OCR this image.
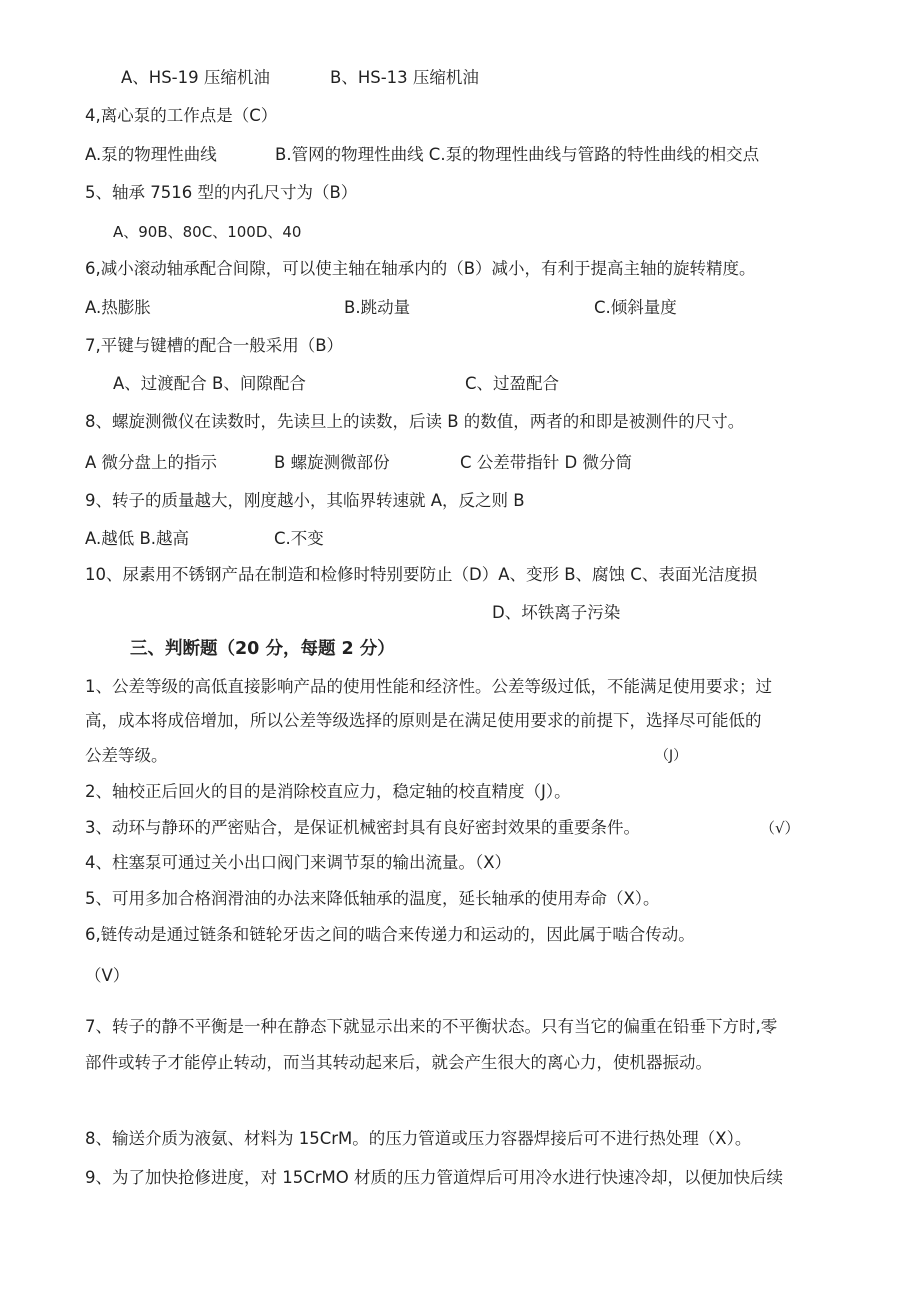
A、HS-19 压缩机油	B、HS-13 压缩机油
4,离心泵的工作点是（C）
A.泵的物理性曲线	B.管网的物理性曲线 C.泵的物理性曲线与管路的特性曲线的相交点
5、轴承 7516 型的内孔尺寸为（B）
A、90B、80C、100D、40
6,减小滚动轴承配合间隙，可以使主轴在轴承内的（B）减小，有利于提高主轴的旋转精度。
A.热膨胀	B.跳动量	C.倾斜量度
7,平键与键槽的配合一般采用（B）
A、过渡配合 B、间隙配合	C、过盈配合
8、螺旋测微仪在读数时，先读旦上的读数，后读 B 的数值，两者的和即是被测件的尺寸。
A 微分盘上的指示	B 螺旋测微部份	C 公差带指针 D 微分筒
9、转子的质量越大，刚度越小，其临界转速就 A，反之则 B
A.越低 B.越高	C.不变
10、尿素用不锈钢产品在制造和检修时特别要防止（D）A、变形 B、腐蚀 C、表面光洁度损
D、坏铁离子污染
三、判断题（20 分，每题 2 分）
1、公差等级的高低直接影响产品的使用性能和经济性。公差等级过低，不能满足使用要求；过
高，成本将成倍增加，所以公差等级选择的原则是在满足使用要求的前提下，选择尽可能低的
公差等级。	（J）
2、轴校正后回火的目的是消除校直应力，稳定轴的校直精度（J）。
3、动环与静环的严密贴合，是保证机械密封具有良好密封效果的重要条件。	（√）
4、柱塞泵可通过关小出口阀门来调节泵的输出流量。（X）
5、可用多加合格润滑油的办法来降低轴承的温度，延长轴承的使用寿命（X）。
6,链传动是通过链条和链轮牙齿之间的啮合来传递力和运动的，因此属于啮合传动。
（V）
7、转子的静不平衡是一种在静态下就显示出来的不平衡状态。只有当它的偏重在铅垂下方时,零
部件或转子才能停止转动，而当其转动起来后，就会产生很大的离心力，使机器振动。
8、输送介质为液氨、材料为 15CrM。的压力管道或压力容器焊接后可不进行热处理（X）。
9、为了加快抢修进度，对 15CrMO 材质的压力管道焊后可用冷水进行快速冷却，以便加快后续
